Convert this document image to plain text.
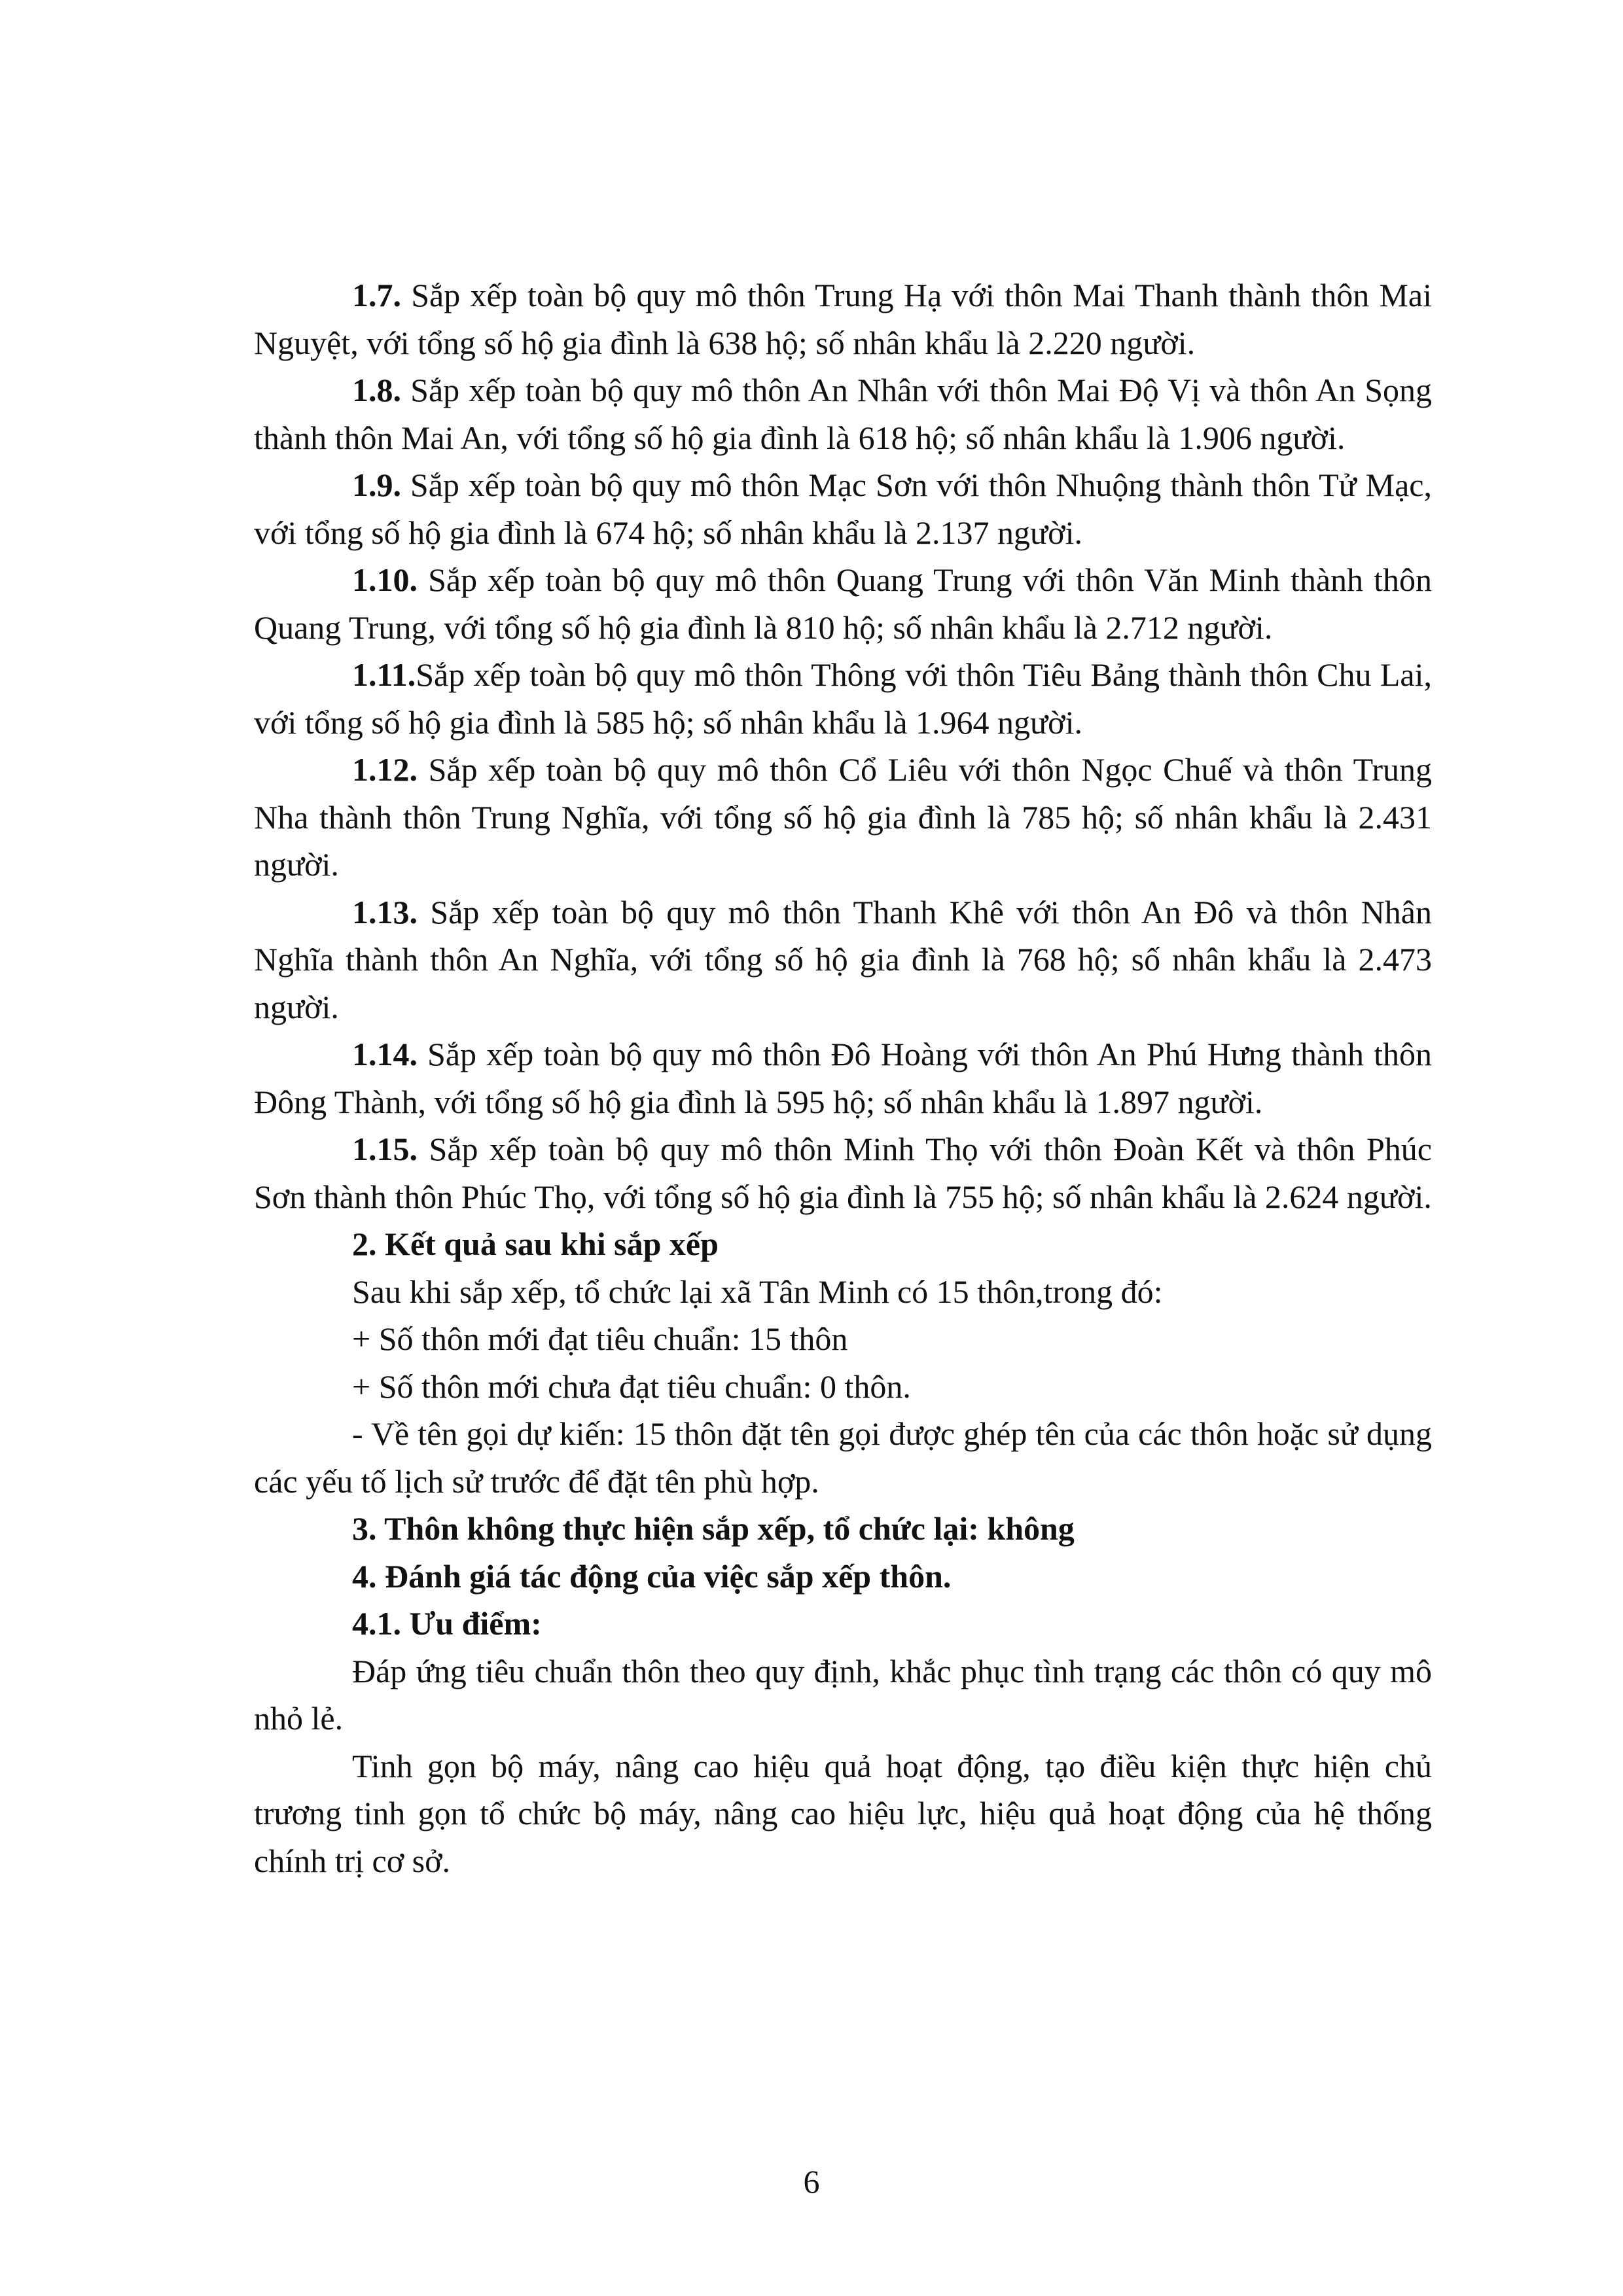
1.7. Sắp xếp toàn bộ quy mô thôn Trung Hạ với thôn Mai Thanh thành thôn Mai Nguyệt, với tổng số hộ gia đình là 638 hộ; số nhân khẩu là 2.220 người.

1.8. Sắp xếp toàn bộ quy mô thôn An Nhân với thôn Mai Độ Vị và thôn An Sọng thành thôn Mai An, với tổng số hộ gia đình là 618 hộ; số nhân khẩu là 1.906 người.

1.9. Sắp xếp toàn bộ quy mô thôn Mạc Sơn với thôn Nhuộng thành thôn Tử Mạc, với tổng số hộ gia đình là 674 hộ; số nhân khẩu là 2.137 người.

1.10. Sắp xếp toàn bộ quy mô thôn Quang Trung với thôn Văn Minh thành thôn Quang Trung, với tổng số hộ gia đình là 810 hộ; số nhân khẩu là 2.712 người.

1.11.Sắp xếp toàn bộ quy mô thôn Thông với thôn Tiêu Bảng thành thôn Chu Lai, với tổng số hộ gia đình là 585 hộ; số nhân khẩu là 1.964 người.

1.12. Sắp xếp toàn bộ quy mô thôn Cổ Liêu với thôn Ngọc Chuế và thôn Trung Nha thành thôn Trung Nghĩa, với tổng số hộ gia đình là 785 hộ; số nhân khẩu là 2.431 người.

1.13. Sắp xếp toàn bộ quy mô thôn Thanh Khê với thôn An Đô và thôn Nhân Nghĩa thành thôn An Nghĩa, với tổng số hộ gia đình là 768 hộ; số nhân khẩu là 2.473 người.

1.14. Sắp xếp toàn bộ quy mô thôn Đô Hoàng với thôn An Phú Hưng thành thôn Đông Thành, với tổng số hộ gia đình là 595 hộ; số nhân khẩu là 1.897 người.

1.15. Sắp xếp toàn bộ quy mô thôn Minh Thọ với thôn Đoàn Kết và thôn Phúc Sơn thành thôn Phúc Thọ, với tổng số hộ gia đình là 755 hộ; số nhân khẩu là 2.624 người.

2. Kết quả sau khi sắp xếp

Sau khi sắp xếp, tổ chức lại xã Tân Minh có 15 thôn,trong đó:

+ Số thôn mới đạt tiêu chuẩn: 15 thôn

+ Số thôn mới chưa đạt tiêu chuẩn: 0 thôn.

- Về tên gọi dự kiến: 15 thôn đặt tên gọi được ghép tên của các thôn hoặc sử dụng các yếu tố lịch sử trước để đặt tên phù hợp.

3. Thôn không thực hiện sắp xếp, tổ chức lại: không

4. Đánh giá tác động của việc sắp xếp thôn.

4.1. Ưu điểm:

Đáp ứng tiêu chuẩn thôn theo quy định, khắc phục tình trạng các thôn có quy mô nhỏ lẻ.

Tinh gọn bộ máy, nâng cao hiệu quả hoạt động, tạo điều kiện thực hiện chủ trương tinh gọn tổ chức bộ máy, nâng cao hiệu lực, hiệu quả hoạt động của hệ thống chính trị cơ sở.

6
